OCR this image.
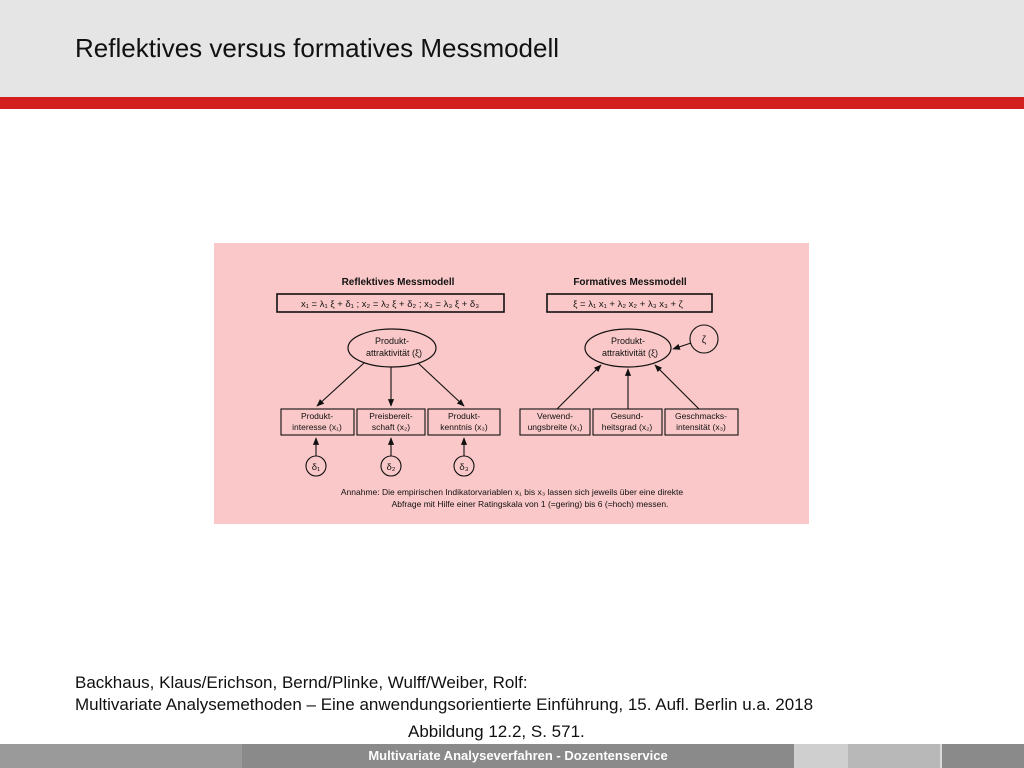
Reflektives versus formatives Messmodell
Reflektives Messmodell
x₁ = λ₁ ξ + δ₁ ; x₂ = λ₂ ξ + δ₂ ; x₃ = λ₃ ξ + δ₃
Produkt-
attraktivität (ξ)
Produkt-
interesse (x₁)
Preisbereit-
schaft (x₂)
Produkt-
kenntnis (x₃)
δ₁	δ₂	δ₃
Formatives Messmodell
ξ = λ₁ x₁ + λ₂ x₂ + λ₃ x₃ + ζ
Produkt-
attraktivität (ξ)
ζ
Verwend-
ungsbreite (x₁)
Gesund-
heitsgrad (x₂)
Geschmacks-
intensität (x₃)
Annahme: Die empirischen Indikatorvariablen x₁ bis x₃ lassen sich jeweils über eine direkte
Abfrage mit Hilfe einer Ratingskala von 1 (=gering) bis 6 (=hoch) messen.
Backhaus, Klaus/Erichson, Bernd/Plinke, Wulff/Weiber, Rolf:
Multivariate Analysemethoden – Eine anwendungsorientierte Einführung, 15. Aufl. Berlin u.a. 2018
Abbildung 12.2, S. 571.
Multivariate Analyseverfahren - Dozentenservice
